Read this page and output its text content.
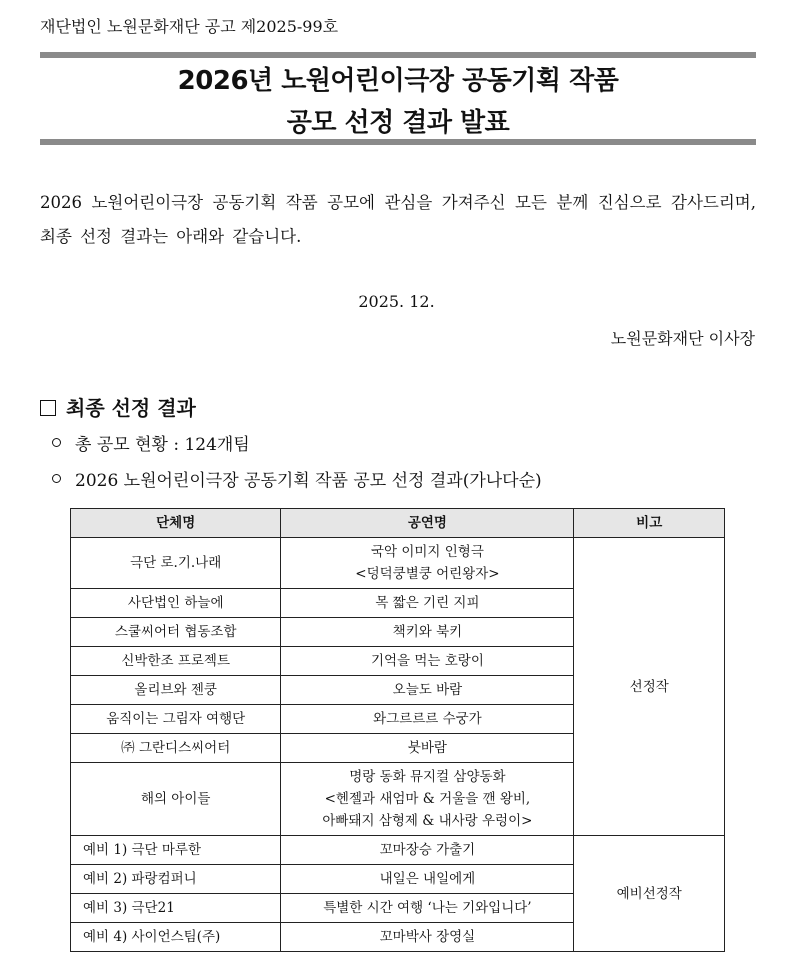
재단법인 노원문화재단 공고 제2025-99호
2026년 노원어린이극장 공동기획 작품
공모 선정 결과 발표
2026 노원어린이극장 공동기획 작품 공모에 관심을 가져주신 모든 분께 진심으로 감사드리며, 최종 선정 결과는 아래와 같습니다.
2025. 12.
노원문화재단 이사장
최종 선정 결과
총 공모 현황 : 124개팀
2026 노원어린이극장 공동기획 작품 공모 선정 결과(가나다순)
단체명	공연명	비고
극단 로.기.나래	국악 이미지 인형극
<덩덕쿵별쿵 어린왕자>	선정작
사단법인 하늘에	목 짧은 기린 지피	

스쿨씨어터 협동조합	책키와 북키	

신박한조 프로젝트	기억을 먹는 호랑이	

올리브와 젠쿵	오늘도 바람	

움직이는 그림자 여행단	와그르르르 수궁가	

㈜ 그란디스씨어터	붓바람	

해의 아이들	명랑 동화 뮤지컬 삼양동화
<헨젤과 새엄마 & 거울을 깬 왕비,
아빠돼지 삼형제 & 내사랑 우렁이>	

예비 1) 극단 마루한	꼬마장승 가출기	예비선정작
예비 2) 파랑컴퍼니	내일은 내일에게	

예비 3) 극단21	특별한 시간 여행 ‘나는 기와입니다’	

예비 4) 사이언스팀(주)	꼬마박사 장영실	
